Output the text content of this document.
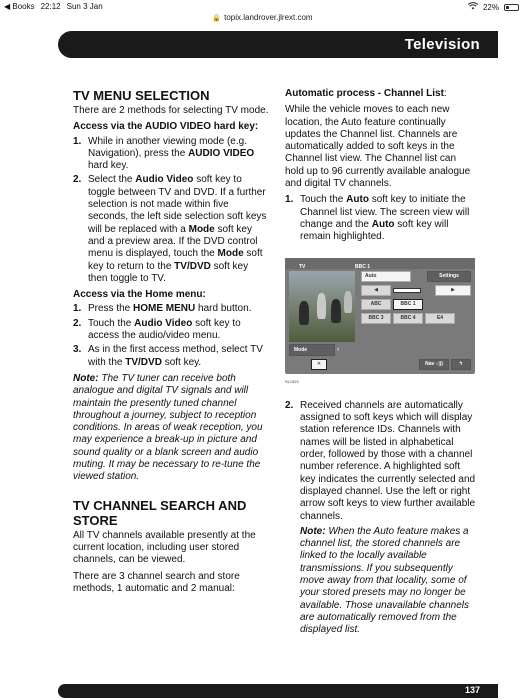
◀ Books 22:12 Sun 3 Jan	22%
🔒 topix.landrover.jlrext.com
Television
TV MENU SELECTION

There are 2 methods for selecting TV mode.

Access via the AUDIO VIDEO hard key:
1. While in another viewing mode (e.g. Navigation), press the AUDIO VIDEO hard key.
2. Select the Audio Video soft key to toggle between TV and DVD. If a further selection is not made within five seconds, the left side selection soft keys will be replaced with a Mode soft key and a preview area. If the DVD control menu is displayed, touch the Mode soft key to return to the TV/DVD soft key then toggle to TV.
Access via the Home menu:
1. Press the HOME MENU hard button.
2. Touch the Audio Video soft key to access the audio/video menu.
3. As in the first access method, select TV with the TV/DVD soft key.

Note: The TV tuner can receive both analogue and digital TV signals and will maintain the presently tuned channel throughout a journey, subject to reception conditions. In areas of weak reception, you may experience a break-up in picture and sound quality or a blank screen and audio muting. It may be necessary to re-tune the viewed station.

TV CHANNEL SEARCH AND STORE

All TV channels available presently at the current location, including user stored channels, can be viewed.

There are 3 channel search and store methods, 1 automatic and 2 manual:

Automatic process - Channel List:

While the vehicle moves to each new location, the Auto feature continually updates the Channel list. Channels are automatically added to soft keys in the Channel list view. The Channel list can hold up to 96 currently available analogue and digital TV channels.

1. Touch the Auto soft key to initiate the Channel list view. The screen view will change and the Auto soft key will remain highlighted.
TV	BBC 1
Auto	Settings
◀	▶
ABC	BBC 1
BBC 3	BBC 4	E4
Mode	‹
✕	Nav ◁))	↰
SL1522
2. Received channels are automatically assigned to soft keys which will display station reference IDs. Channels with names will be listed in alphabetical order, followed by those with a channel number reference. A highlighted soft key indicates the currently selected and displayed channel. Use the left or right arrow soft keys to view further available channels.

Note: When the Auto feature makes a channel list, the stored channels are linked to the locally available transmissions. If you subsequently move away from that locality, some of your stored presets may no longer be available. Those unavailable channels are automatically removed from the displayed list.

137
